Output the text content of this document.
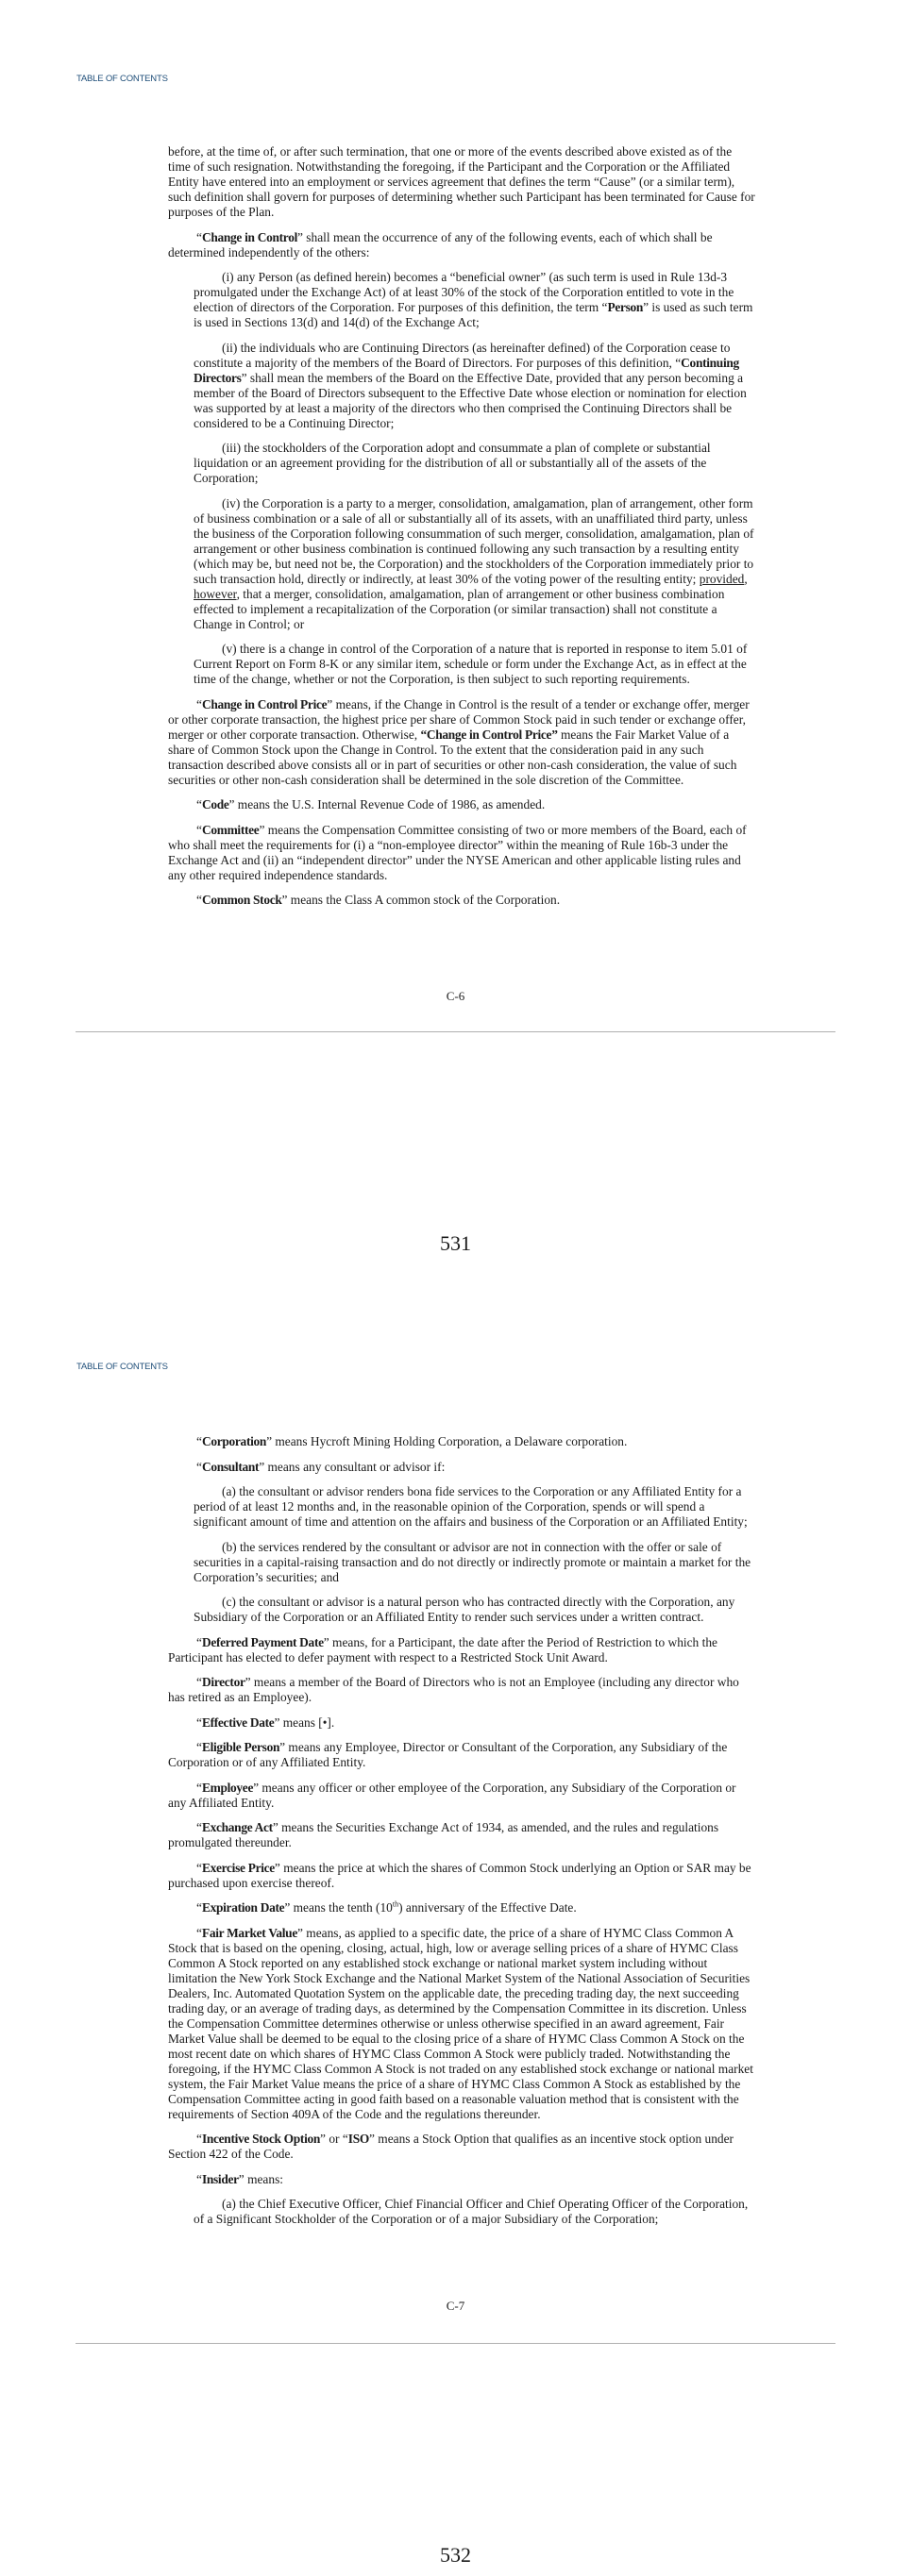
TABLE OF CONTENTS

before, at the time of, or after such termination, that one or more of the events described above existed as of the time of such resignation. Notwithstanding the foregoing, if the Participant and the Corporation or the Affiliated Entity have entered into an employment or services agreement that defines the term “Cause” (or a similar term), such definition shall govern for purposes of determining whether such Participant has been terminated for Cause for purposes of the Plan.

“Change in Control” shall mean the occurrence of any of the following events, each of which shall be determined independently of the others:

(i) any Person (as defined herein) becomes a “beneficial owner” (as such term is used in Rule 13d-3 promulgated under the Exchange Act) of at least 30% of the stock of the Corporation entitled to vote in the election of directors of the Corporation. For purposes of this definition, the term “Person” is used as such term is used in Sections 13(d) and 14(d) of the Exchange Act;

(ii) the individuals who are Continuing Directors (as hereinafter defined) of the Corporation cease to constitute a majority of the members of the Board of Directors. For purposes of this definition, “Continuing Directors” shall mean the members of the Board on the Effective Date, provided that any person becoming a member of the Board of Directors subsequent to the Effective Date whose election or nomination for election was supported by at least a majority of the directors who then comprised the Continuing Directors shall be considered to be a Continuing Director;

(iii) the stockholders of the Corporation adopt and consummate a plan of complete or substantial liquidation or an agreement providing for the distribution of all or substantially all of the assets of the Corporation;

(iv) the Corporation is a party to a merger, consolidation, amalgamation, plan of arrangement, other form of business combination or a sale of all or substantially all of its assets, with an unaffiliated third party, unless the business of the Corporation following consummation of such merger, consolidation, amalgamation, plan of arrangement or other business combination is continued following any such transaction by a resulting entity (which may be, but need not be, the Corporation) and the stockholders of the Corporation immediately prior to such transaction hold, directly or indirectly, at least 30% of the voting power of the resulting entity; provided, however, that a merger, consolidation, amalgamation, plan of arrangement or other business combination effected to implement a recapitalization of the Corporation (or similar transaction) shall not constitute a Change in Control; or

(v) there is a change in control of the Corporation of a nature that is reported in response to item 5.01 of Current Report on Form 8-K or any similar item, schedule or form under the Exchange Act, as in effect at the time of the change, whether or not the Corporation, is then subject to such reporting requirements.

“Change in Control Price” means, if the Change in Control is the result of a tender or exchange offer, merger or other corporate transaction, the highest price per share of Common Stock paid in such tender or exchange offer, merger or other corporate transaction. Otherwise, “Change in Control Price” means the Fair Market Value of a share of Common Stock upon the Change in Control. To the extent that the consideration paid in any such transaction described above consists all or in part of securities or other non-cash consideration, the value of such securities or other non-cash consideration shall be determined in the sole discretion of the Committee.

“Code” means the U.S. Internal Revenue Code of 1986, as amended.

“Committee” means the Compensation Committee consisting of two or more members of the Board, each of who shall meet the requirements for (i) a “non-employee director” within the meaning of Rule 16b-3 under the Exchange Act and (ii) an “independent director” under the NYSE American and other applicable listing rules and any other required independence standards.

“Common Stock” means the Class A common stock of the Corporation.

C-6
531
TABLE OF CONTENTS

“Corporation” means Hycroft Mining Holding Corporation, a Delaware corporation.

“Consultant” means any consultant or advisor if:

(a) the consultant or advisor renders bona fide services to the Corporation or any Affiliated Entity for a period of at least 12 months and, in the reasonable opinion of the Corporation, spends or will spend a significant amount of time and attention on the affairs and business of the Corporation or an Affiliated Entity;

(b) the services rendered by the consultant or advisor are not in connection with the offer or sale of securities in a capital-raising transaction and do not directly or indirectly promote or maintain a market for the Corporation’s securities; and

(c) the consultant or advisor is a natural person who has contracted directly with the Corporation, any Subsidiary of the Corporation or an Affiliated Entity to render such services under a written contract.

“Deferred Payment Date” means, for a Participant, the date after the Period of Restriction to which the Participant has elected to defer payment with respect to a Restricted Stock Unit Award.

“Director” means a member of the Board of Directors who is not an Employee (including any director who has retired as an Employee).

“Effective Date” means [•].

“Eligible Person” means any Employee, Director or Consultant of the Corporation, any Subsidiary of the Corporation or of any Affiliated Entity.

“Employee” means any officer or other employee of the Corporation, any Subsidiary of the Corporation or any Affiliated Entity.

“Exchange Act” means the Securities Exchange Act of 1934, as amended, and the rules and regulations promulgated thereunder.

“Exercise Price” means the price at which the shares of Common Stock underlying an Option or SAR may be purchased upon exercise thereof.

“Expiration Date” means the tenth (10th) anniversary of the Effective Date.

“Fair Market Value” means, as applied to a specific date, the price of a share of HYMC Class Common A Stock that is based on the opening, closing, actual, high, low or average selling prices of a share of HYMC Class Common A Stock reported on any established stock exchange or national market system including without limitation the New York Stock Exchange and the National Market System of the National Association of Securities Dealers, Inc. Automated Quotation System on the applicable date, the preceding trading day, the next succeeding trading day, or an average of trading days, as determined by the Compensation Committee in its discretion. Unless the Compensation Committee determines otherwise or unless otherwise specified in an award agreement, Fair Market Value shall be deemed to be equal to the closing price of a share of HYMC Class Common A Stock on the most recent date on which shares of HYMC Class Common A Stock were publicly traded. Notwithstanding the foregoing, if the HYMC Class Common A Stock is not traded on any established stock exchange or national market system, the Fair Market Value means the price of a share of HYMC Class Common A Stock as established by the Compensation Committee acting in good faith based on a reasonable valuation method that is consistent with the requirements of Section 409A of the Code and the regulations thereunder.

“Incentive Stock Option” or “ISO” means a Stock Option that qualifies as an incentive stock option under Section 422 of the Code.

“Insider” means:

(a) the Chief Executive Officer, Chief Financial Officer and Chief Operating Officer of the Corporation, of a Significant Stockholder of the Corporation or of a major Subsidiary of the Corporation;

C-7
532
